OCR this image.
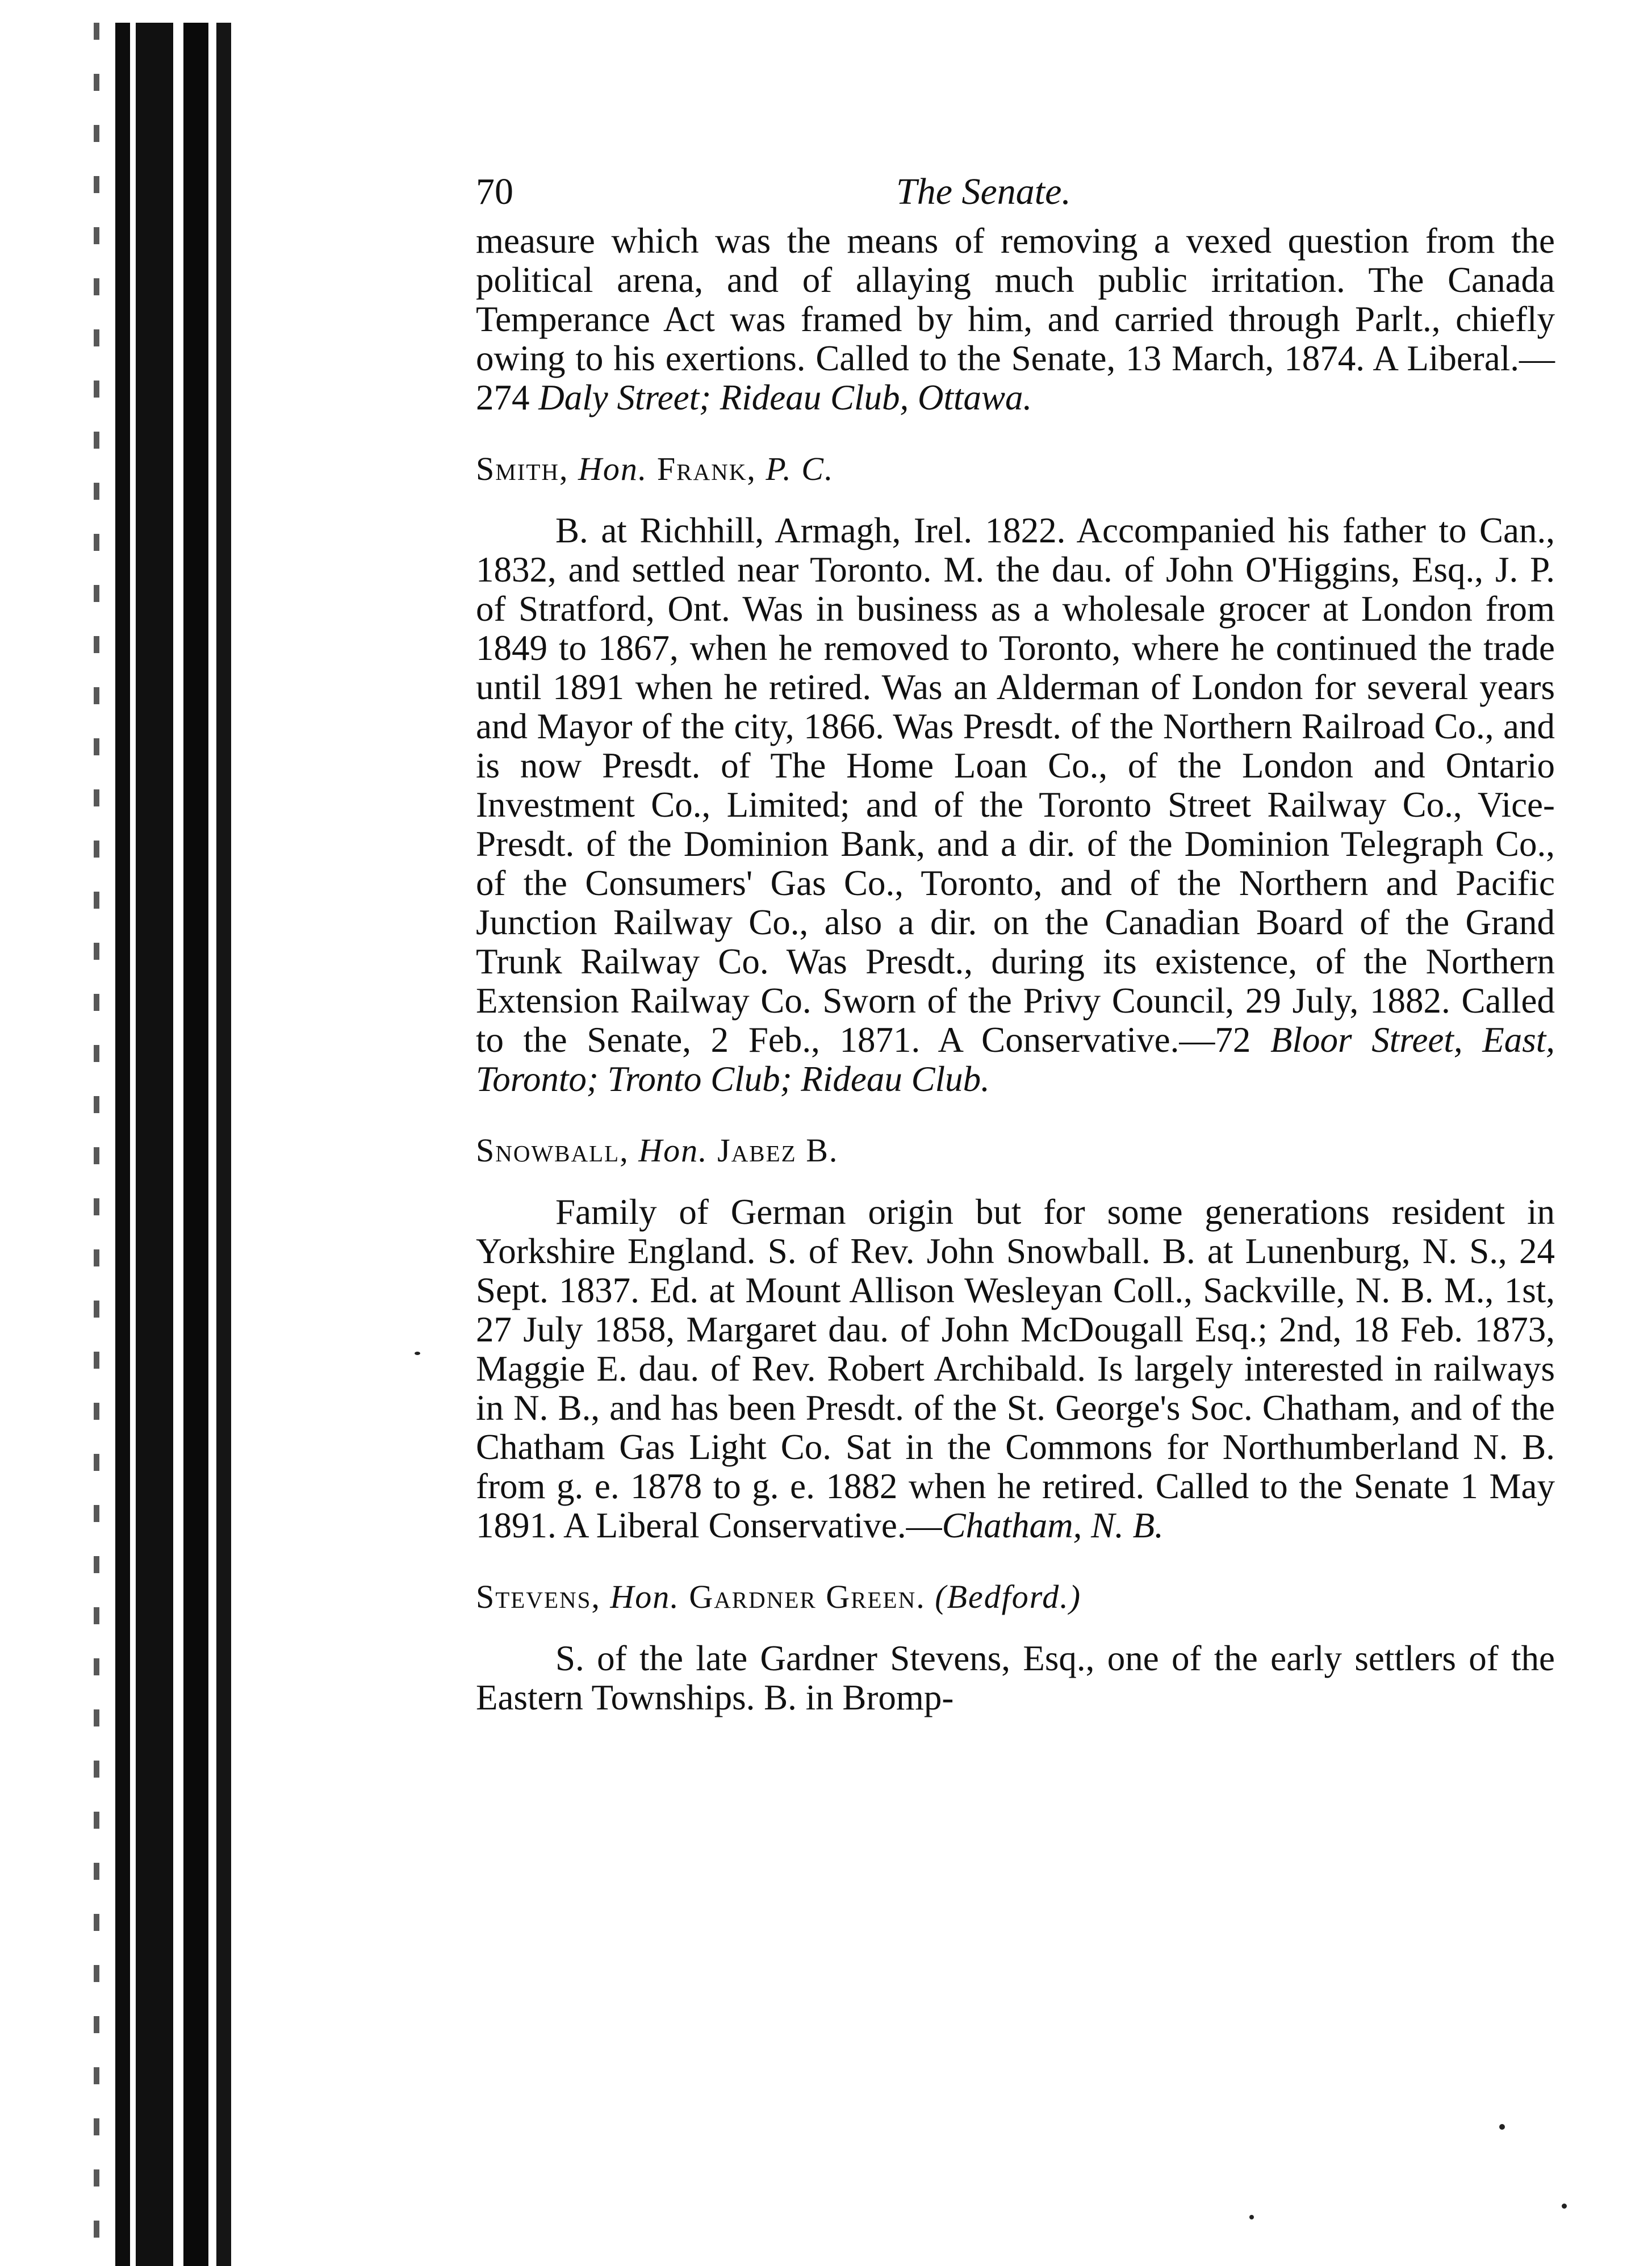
70	The Senate.

measure which was the means of removing a vexed question from the political arena, and of allaying much public irritation. The Canada Temperance Act was framed by him, and carried through Parlt., chiefly owing to his exertions. Called to the Senate, 13 March, 1874. A Liberal.—274 Daly Street; Rideau Club, Ottawa.

Smith, Hon. Frank, P. C.

B. at Richhill, Armagh, Irel. 1822. Accompanied his father to Can., 1832, and settled near Toronto. M. the dau. of John O'Higgins, Esq., J. P. of Stratford, Ont. Was in business as a wholesale grocer at London from 1849 to 1867, when he removed to Toronto, where he continued the trade until 1891 when he retired. Was an Alderman of London for several years and Mayor of the city, 1866. Was Presdt. of the Northern Railroad Co., and is now Presdt. of The Home Loan Co., of the London and Ontario Investment Co., Limited; and of the Toronto Street Railway Co., Vice-Presdt. of the Dominion Bank, and a dir. of the Dominion Telegraph Co., of the Consumers' Gas Co., Toronto, and of the Northern and Pacific Junction Railway Co., also a dir. on the Canadian Board of the Grand Trunk Railway Co. Was Presdt., during its existence, of the Northern Extension Railway Co. Sworn of the Privy Council, 29 July, 1882. Called to the Senate, 2 Feb., 1871. A Conservative.—72 Bloor Street, East, Toronto; Tronto Club; Rideau Club.

Snowball, Hon. Jabez B.

Family of German origin but for some generations resident in Yorkshire England. S. of Rev. John Snowball. B. at Lunenburg, N. S., 24 Sept. 1837. Ed. at Mount Allison Wesleyan Coll., Sackville, N. B. M., 1st, 27 July 1858, Margaret dau. of John McDougall Esq.; 2nd, 18 Feb. 1873, Maggie E. dau. of Rev. Robert Archibald. Is largely interested in railways in N. B., and has been Presdt. of the St. George's Soc. Chatham, and of the Chatham Gas Light Co. Sat in the Commons for Northumberland N. B. from g. e. 1878 to g. e. 1882 when he retired. Called to the Senate 1 May 1891. A Liberal Conservative.—Chatham, N. B.

Stevens, Hon. Gardner Green. (Bedford.)

S. of the late Gardner Stevens, Esq., one of the early settlers of the Eastern Townships. B. in Bromp-
